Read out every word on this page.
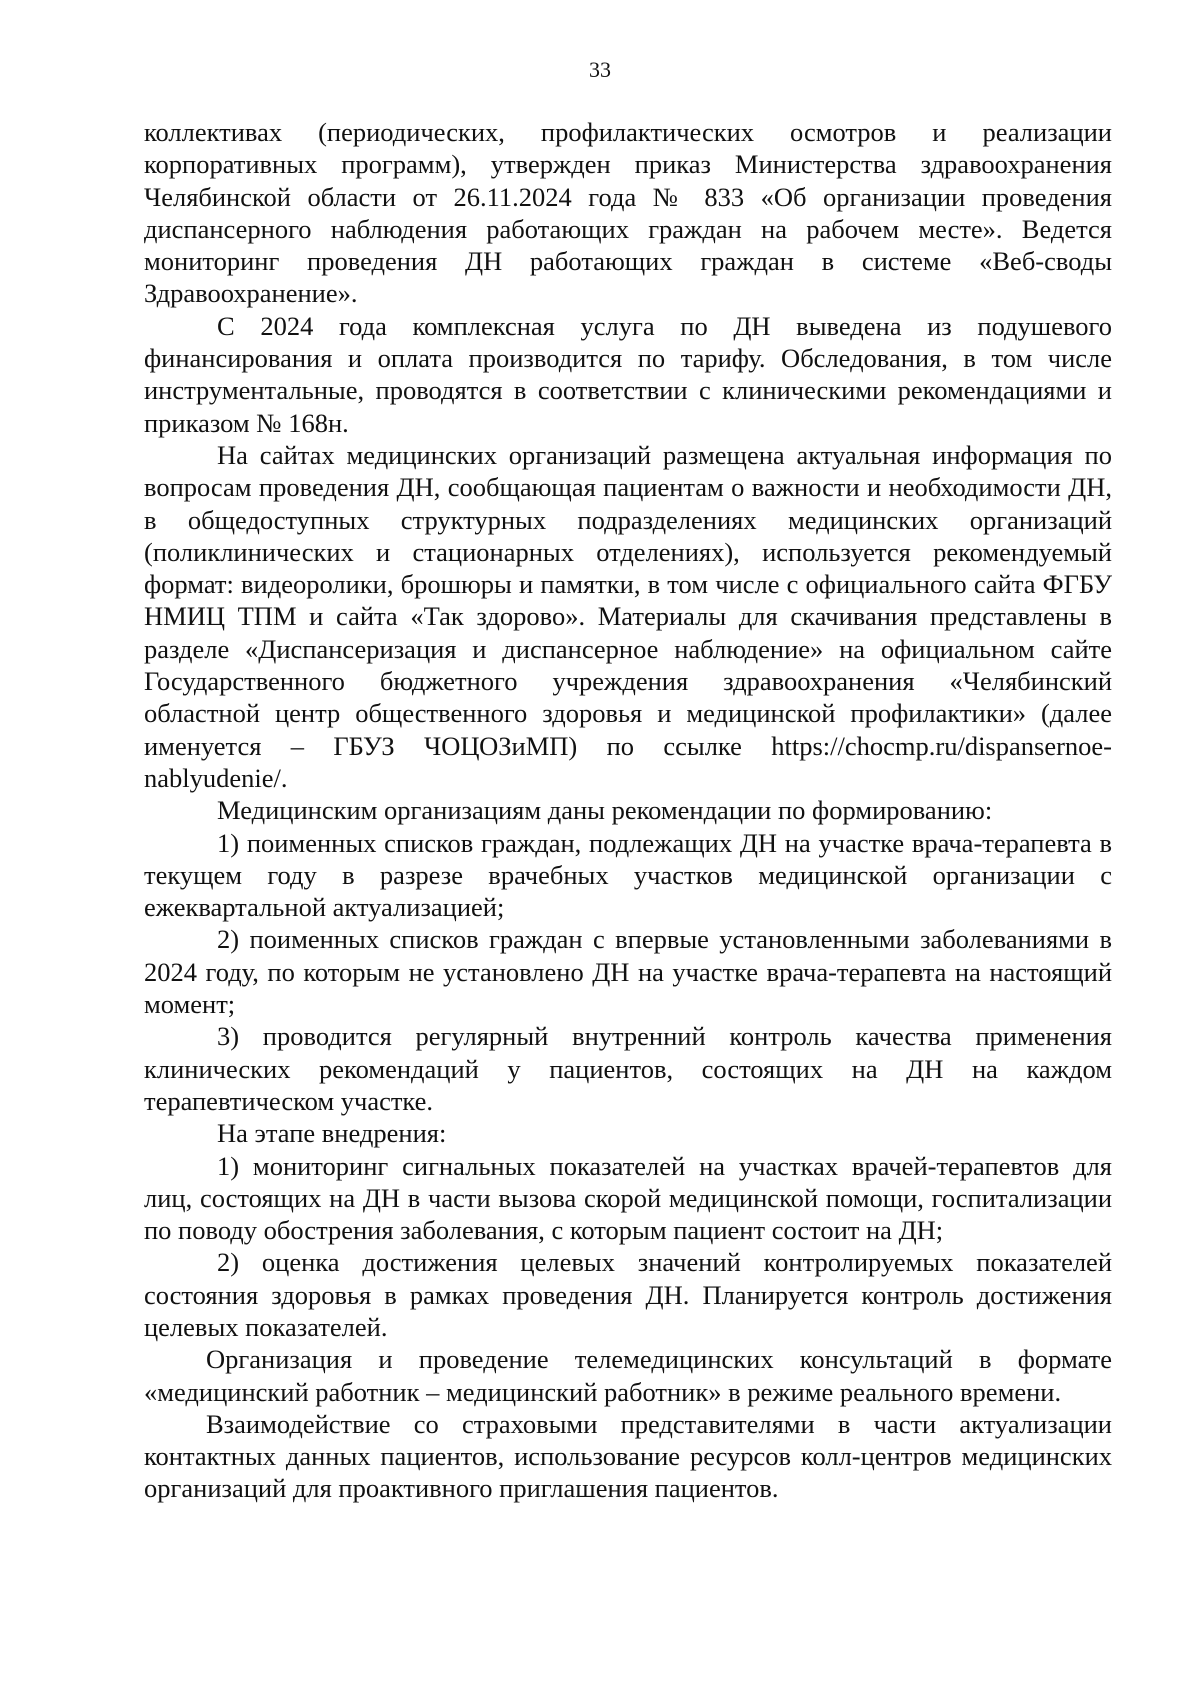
33

коллективах (периодических, профилактических осмотров и реализации корпоративных программ), утвержден приказ Министерства здравоохранения Челябинской области от 26.11.2024 года № 833 «Об организации проведения диспансерного наблюдения работающих граждан на рабочем месте». Ведется мониторинг проведения ДН работающих граждан в системе «Веб-своды Здравоохранение».

С 2024 года комплексная услуга по ДН выведена из подушевого финансирования и оплата производится по тарифу. Обследования, в том числе инструментальные, проводятся в соответствии с клиническими рекомендациями и приказом № 168н.

На сайтах медицинских организаций размещена актуальная информация по вопросам проведения ДН, сообщающая пациентам о важности и необходимости ДН, в общедоступных структурных подразделениях медицинских организаций (поликлинических и стационарных отделениях), используется рекомендуемый формат: видеоролики, брошюры и памятки, в том числе с официального сайта ФГБУ НМИЦ ТПМ и сайта «Так здорово». Материалы для скачивания представлены в разделе «Диспансеризация и диспансерное наблюдение» на официальном сайте Государственного бюджетного учреждения здравоохранения «Челябинский областной центр общественного здоровья и медицинской профилактики» (далее именуется – ГБУЗ ЧОЦОЗиМП) по ссылке https://chocmp.ru/dispansernoe-nablyudenie/.

Медицинским организациям даны рекомендации по формированию:

1) поименных списков граждан, подлежащих ДН на участке врача-терапевта в текущем году в разрезе врачебных участков медицинской организации с ежеквартальной актуализацией;

2) поименных списков граждан с впервые установленными заболеваниями в 2024 году, по которым не установлено ДН на участке врача-терапевта на настоящий момент;

3) проводится регулярный внутренний контроль качества применения клинических рекомендаций у пациентов, состоящих на ДН на каждом терапевтическом участке.

На этапе внедрения:

1) мониторинг сигнальных показателей на участках врачей-терапевтов для лиц, состоящих на ДН в части вызова скорой медицинской помощи, госпитализации по поводу обострения заболевания, с которым пациент состоит на ДН;

2) оценка достижения целевых значений контролируемых показателей состояния здоровья в рамках проведения ДН. Планируется контроль достижения целевых показателей.

Организация и проведение телемедицинских консультаций в формате «медицинский работник – медицинский работник» в режиме реального времени.

Взаимодействие со страховыми представителями в части актуализации контактных данных пациентов, использование ресурсов колл-центров медицинских организаций для проактивного приглашения пациентов.
